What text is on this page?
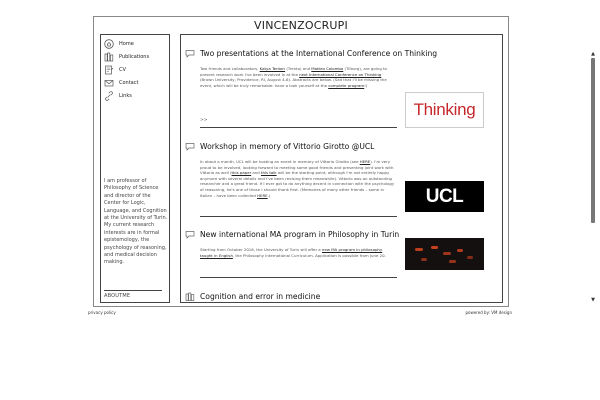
VINCENZOCRUPI
Home
Publications
CV
Contact
Links
I am professor of Philosophy of Science and director of the Center for Logic, Language, and Cognition at the University of Turin. My current research interests are in formal epistemology, the psychology of reasoning, and medical decision making.
ABOUTME
Two presentations at the International Conference on Thinking
Two friends and collaborators, Katya Tentori (Trento) and Matteo Colombo (Tilburg), are going to present research work I've been involved in at the next International Conference on Thinking (Brown University, Providence, RI, August 4-6). Abstracts are below. (Sad that I'll be missing the event, which will be truly remarkable: have a look yourself at the complete program!)
>>
Thinking
Workshop in memory of Vittorio Girotto @UCL
In about a month, UCL will be hosting an event in memory of Vittorio Girotto (see HERE). I'm very proud to be involved, looking forward to meeting some good friends and presenting joint work with Vittorio as well (this paper and this talk will be the starting point, although I'm not entirely happy anymore with several details and I've been revising them meanwhile). Vittorio was an outstanding researcher and a great friend. If I ever got to do anything decent in connection with the psychology of reasoning, he's one of those I should thank first. (Memories of many other friends – some in Italian – have been collected HERE.)	UCL
New international MA program in Philosophy in Turin
Starting from October 2016, the University of Turin will offer a new MA program in philosophy taught in English, the Philosophy International Curriculum. Application is possible from June 20.
Cognition and error in medicine
▲
▼
privacy policy	powered by: VM design
